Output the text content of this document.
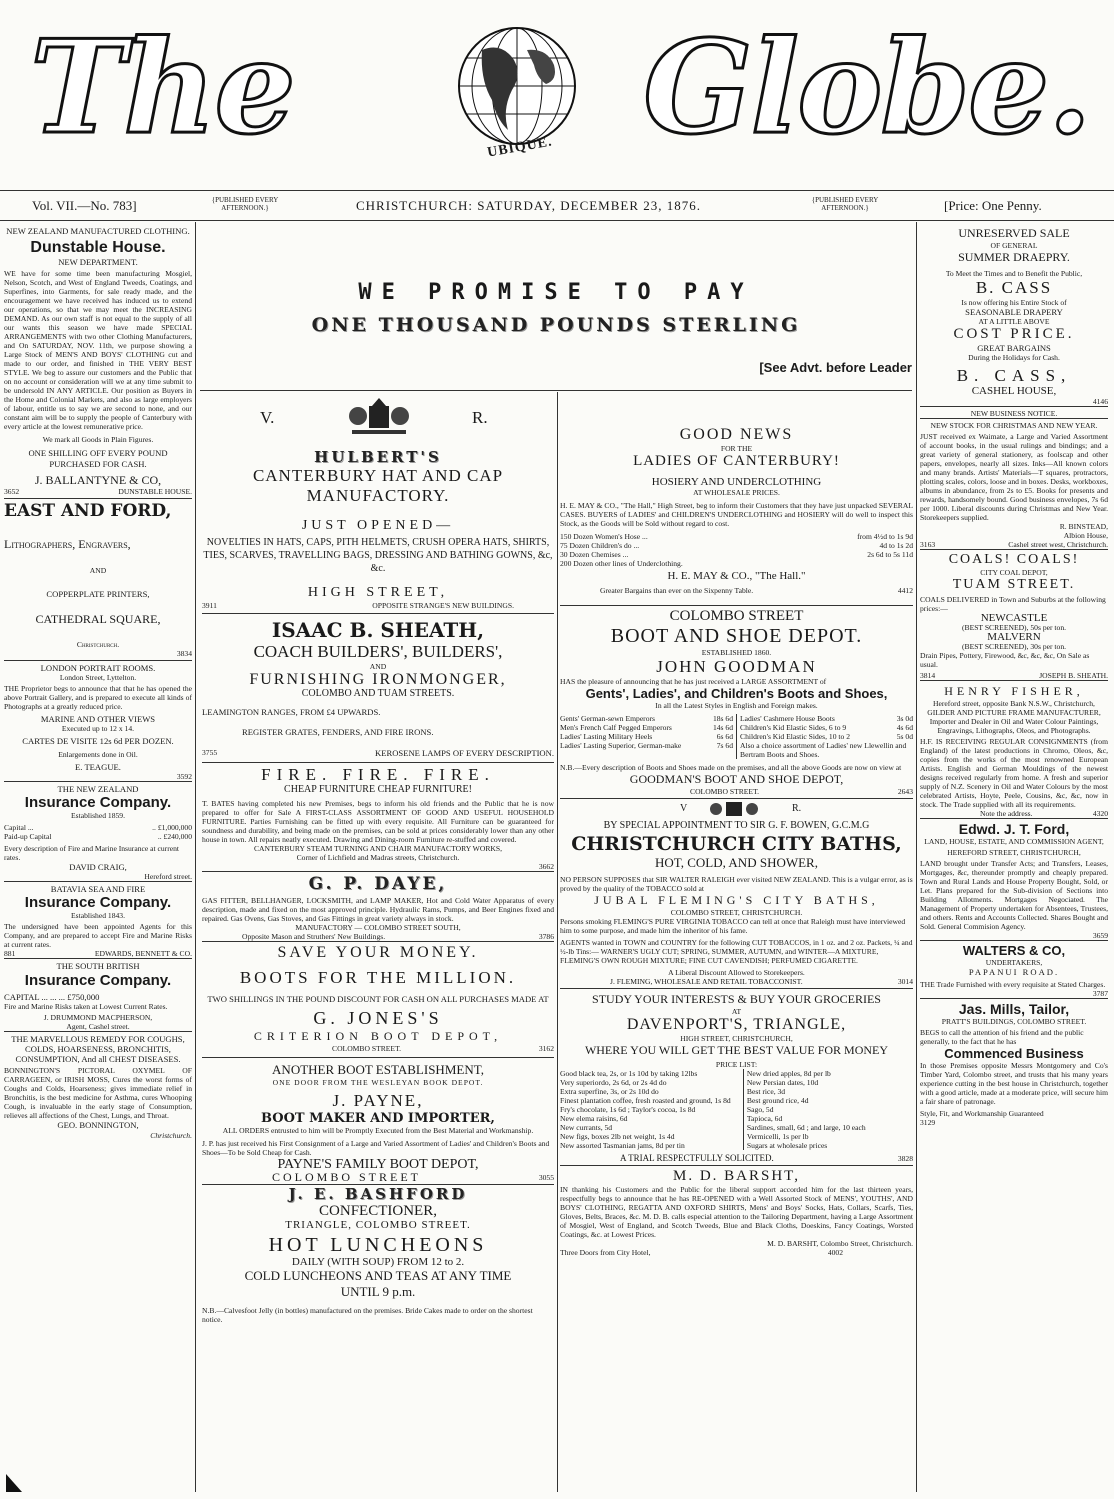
The	Globe.
UBIQUE.
Vol. VII.—No. 783]	{PUBLISHED EVERY AFTERNOON.}	CHRISTCHURCH: SATURDAY, DECEMBER 23, 1876.	{PUBLISHED EVERY AFTERNOON.}	[Price: One Penny.
NEW ZEALAND MANUFACTURED CLOTHING.
Dunstable House.
NEW DEPARTMENT.

WE have for some time been manufacturing Mosgiel, Nelson, Scotch, and West of England Tweeds, Coatings, and Superfines, into Garments, for sale ready made, and the encouragement we have received has induced us to extend our operations, so that we may meet the INCREASING DEMAND. As our own staff is not equal to the supply of all our wants this season we have made SPECIAL ARRANGEMENTS with two other Clothing Manufacturers, and On SATURDAY, NOV. 11th, we purpose showing a Large Stock of MEN'S AND BOYS' CLOTHING cut and made to our order, and finished in THE VERY BEST STYLE. We beg to assure our customers and the Public that on no account or consideration will we at any time submit to be undersold IN ANY ARTICLE. Our position as Buyers in the Home and Colonial Markets, and also as large employers of labour, entitle us to say we are second to none, and our constant aim will be to supply the people of Canterbury with every article at the lowest remunerative price.

We mark all Goods in Plain Figures.
ONE SHILLING OFF EVERY POUND PURCHASED FOR CASH.
J. BALLANTYNE & CO,
3652	DUNSTABLE HOUSE.
EAST AND FORD,
Lithographers, Engravers,
AND
COPPERPLATE PRINTERS,
CATHEDRAL SQUARE,
Christchurch.
3834
LONDON PORTRAIT ROOMS.
London Street, Lyttelton.

THE Proprietor begs to announce that that he has opened the above Portrait Gallery, and is prepared to execute all kinds of Photographs at a greatly reduced price.

MARINE AND OTHER VIEWS
Executed up to 12 x 14.
CARTES DE VISITE 12s 6d PER DOZEN.
Enlargements done in Oil.
E. TEAGUE.
3592
THE NEW ZEALAND
Insurance Company.
Established 1859.
Capital ...	.. £1,000,000
Paid-up Capital	.. £240,000

Every description of Fire and Marine Insurance at current rates.

DAVID CRAIG,
Hereford street.
BATAVIA SEA AND FIRE
Insurance Company.
Established 1843.

The undersigned have been appointed Agents for this Company, and are prepared to accept Fire and Marine Risks at current rates.

881	EDWARDS, BENNETT & CO.
THE SOUTH BRITISH
Insurance Company.
CAPITAL ... ... ... £750,000

Fire and Marine Risks taken at Lowest Current Rates.

J. DRUMMOND MACPHERSON,
Agent, Cashel street.
THE MARVELLOUS REMEDY FOR COUGHS, COLDS, HOARSENESS, BRONCHITIS, CONSUMPTION, And all CHEST DISEASES.

BONNINGTON'S PICTORAL OXYMEL OF CARRAGEEN, or IRISH MOSS, Cures the worst forms of Coughs and Colds, Hoarseness; gives immediate relief in Bronchitis, is the best medicine for Asthma, cures Whooping Cough, is invaluable in the early stage of Consumption, relieves all affections of the Chest, Lungs, and Throat.

GEO. BONNINGTON,
Christchurch.
WE PROMISE TO PAY
ONE THOUSAND POUNDS STERLING
[See Advt. before Leader
V.	R.
HULBERT'S
CANTERBURY HAT AND CAP
MANUFACTORY.
JUST OPENED—

NOVELTIES IN HATS, CAPS, PITH HELMETS, CRUSH OPERA HATS, SHIRTS, TIES, SCARVES, TRAVELLING BAGS, DRESSING AND BATHING GOWNS, &c, &c.

HIGH STREET,
3911	OPPOSITE STRANGE'S NEW BUILDINGS.
ISAAC B. SHEATH,
COACH BUILDERS', BUILDERS',
AND
FURNISHING IRONMONGER,
COLOMBO AND TUAM STREETS.
LEAMINGTON RANGES, FROM £4 UPWARDS.
REGISTER GRATES, FENDERS, AND FIRE IRONS.
3755	KEROSENE LAMPS OF EVERY DESCRIPTION.
FIRE. FIRE. FIRE.
CHEAP FURNITURE CHEAP FURNITURE!

T. BATES having completed his new Premises, begs to inform his old friends and the Public that he is now prepared to offer for Sale A FIRST-CLASS ASSORTMENT OF GOOD AND USEFUL HOUSEHOLD FURNITURE. Parties Furnishing can be fitted up with every requisite. All Furniture can be guaranteed for soundness and durability, and being made on the premises, can be sold at prices considerably lower than any other house in town. All repairs neatly executed. Drawing and Dining-room Furniture re-stuffed and covered.

CANTERBURY STEAM TURNING AND CHAIR MANUFACTORY WORKS,
Corner of Lichfield and Madras streets, Christchurch.
3662
G. P. DAYE,

GAS FITTER, BELLHANGER, LOCKSMITH, and LAMP MAKER, Hot and Cold Water Apparatus of every description, made and fixed on the most approved principle. Hydraulic Rams, Pumps, and Beer Engines fixed and repaired. Gas Ovens, Gas Stoves, and Gas Fittings in great variety always in stock.

MANUFACTORY — COLOMBO STREET SOUTH,
Opposite Mason and Struthers' New Buildings.	3786
SAVE YOUR MONEY.
BOOTS FOR THE MILLION.

TWO SHILLINGS IN THE POUND DISCOUNT FOR CASH ON ALL PURCHASES MADE AT

G. JONES'S
CRITERION BOOT DEPOT,
COLOMBO STREET.	3162
ANOTHER BOOT ESTABLISHMENT,
ONE DOOR FROM THE WESLEYAN BOOK DEPOT.
J. PAYNE,
BOOT MAKER AND IMPORTER,

ALL ORDERS entrusted to him will be Promptly Executed from the Best Material and Workmanship.

J. P. has just received his First Consignment of a Large and Varied Assortment of Ladies' and Children's Boots and Shoes—To be Sold Cheap for Cash.

PAYNE'S FAMILY BOOT DEPOT,
COLOMBO STREET	3055
J. E. BASHFORD
CONFECTIONER,
TRIANGLE, COLOMBO STREET.
HOT LUNCHEONS
DAILY (WITH SOUP) FROM 12 to 2.
COLD LUNCHEONS AND TEAS AT ANY TIME
UNTIL 9 p.m.

N.B.—Calvesfoot Jelly (in bottles) manufactured on the premises. Bride Cakes made to order on the shortest notice.

GOOD NEWS
FOR THE
LADIES OF CANTERBURY!
HOSIERY AND UNDERCLOTHING
AT WHOLESALE PRICES.

H. E. MAY & CO., "The Hall," High Street, beg to inform their Customers that they have just unpacked SEVERAL CASES. BUYERS of LADIES' and CHILDREN'S UNDERCLOTHING and HOSIERY will do well to inspect this Stock, as the Goods will be Sold without regard to cost.

150 Dozen Women's Hose ...	from 4½d to 1s 9d
75 Dozen Children's do ...	4d to 1s 2d
30 Dozen Chemises ...	2s 6d to 5s 11d
200 Dozen other lines of Underclothing.
H. E. MAY & CO., "The Hall."
Greater Bargains than ever on the Sixpenny Table.	4412
COLOMBO STREET
BOOT AND SHOE DEPOT.
ESTABLISHED 1860.
JOHN GOODMAN

HAS the pleasure of announcing that he has just received a LARGE ASSORTMENT of

Gents', Ladies', and Children's Boots and Shoes,
In all the Latest Styles in English and Foreign makes.
Gents' German-sewn Emperors	18s 6d
Men's French Calf Pegged Emperors	14s 6d
Ladies' Lasting Military Heels	6s 6d
Ladies' Lasting Superior, German-make	7s 6d
Ladies' Cashmere House Boots	3s 0d
Children's Kid Elastic Sides, 6 to 9	4s 6d
Children's Kid Elastic Sides, 10 to 2	5s 0d
Also a choice assortment of Ladies' new Llewellin and Bertram Boots and Shoes.

N.B.—Every description of Boots and Shoes made on the premises, and all the above Goods are now on view at

GOODMAN'S BOOT AND SHOE DEPOT,
COLOMBO STREET.	2643
V	R.
BY SPECIAL APPOINTMENT TO SIR G. F. BOWEN, G.C.M.G
CHRISTCHURCH CITY BATHS,
HOT, COLD, AND SHOWER,

NO PERSON SUPPOSES that SIR WALTER RALEIGH ever visited NEW ZEALAND. This is a vulgar error, as is proved by the quality of the TOBACCO sold at

JUBAL FLEMING'S CITY BATHS,
COLOMBO STREET, CHRISTCHURCH.

Persons smoking FLEMING'S PURE VIRGINIA TOBACCO can tell at once that Raleigh must have interviewed him to some purpose, and made him the inheritor of his fame.

AGENTS wanted in TOWN and COUNTRY for the following CUT TOBACCOS, in 1 oz. and 2 oz. Packets, ¼ and ½-lb Tins:— WARNER'S UGLY CUT; SPRING, SUMMER, AUTUMN, and WINTER—A MIXTURE, FLEMING'S OWN ROUGH MIXTURE; FINE CUT CAVENDISH; PERFUMED CIGARETTE.

A Liberal Discount Allowed to Storekeepers.
J. FLEMING, WHOLESALE AND RETAIL TOBACCONIST.	3014
STUDY YOUR INTERESTS & BUY YOUR GROCERIES
AT
DAVENPORT'S, TRIANGLE,
HIGH STREET, CHRISTCHURCH,
WHERE YOU WILL GET THE BEST VALUE FOR MONEY
PRICE LIST:
Good black tea, 2s, or 1s 10d by taking 12lbs
Very superiordo, 2s 6d, or 2s 4d do
Extra superfine, 3s, or 2s 10d do
Finest plantation coffee, fresh roasted and ground, 1s 8d
Fry's chocolate, 1s 6d ; Taylor's cocoa, 1s 8d
New elema raisins, 6d
New currants, 5d
New figs, boxes 2lb net weight, 1s 4d
New assorted Tasmanian jams, 8d per tin
New dried apples, 8d per lb
New Persian dates, 10d
Best rice, 3d
Best ground rice, 4d
Sago, 5d
Tapioca, 6d
Sardines, small, 6d ; and large, 10 each
Vermicelli, 1s per lb
Sugars at wholesale prices
A TRIAL RESPECTFULLY SOLICITED.	3828
M. D. BARSHT,

IN thanking his Customers and the Public for the liberal support accorded him for the last thirteen years, respectfully begs to announce that he has RE-OPENED with a Well Assorted Stock of MENS', YOUTHS', AND BOYS' CLOTHING, REGATTA AND OXFORD SHIRTS, Mens' and Boys' Socks, Hats, Collars, Scarfs, Ties, Gloves, Belts, Braces, &c. M. D. B. calls especial attention to the Tailoring Department, having a Large Assortment of Mosgiel, West of England, and Scotch Tweeds, Blue and Black Cloths, Doeskins, Fancy Coatings, Worsted Coatings, &c. at Lowest Prices.

M. D. BARSHT, Colombo Street, Christchurch.
Three Doors from City Hotel,	4002
UNRESERVED SALE
OF GENERAL
SUMMER DRAEPRY.
To Meet the Times and to Benefit the Public,
B. CASS
Is now offering his Entire Stock of
SEASONABLE DRAPERY
AT A LITTLE ABOVE
COST PRICE.
GREAT BARGAINS
During the Holidays for Cash.
B. CASS,
CASHEL HOUSE,
4146
NEW BUSINESS NOTICE.
NEW STOCK FOR CHRISTMAS AND NEW YEAR.

JUST received ex Waimate, a Large and Varied Assortment of account books, in the usual rulings and bindings; and a great variety of general stationery, as foolscap and other papers, envelopes, nearly all sizes. Inks—All known colors and many brands. Artists' Materials—T squares, protractors, plotting scales, colors, loose and in boxes. Desks, workboxes, albums in abundance, from 2s to £5. Books for presents and rewards, handsomely bound. Good business envelopes, 7s 6d per 1000. Liberal discounts during Christmas and New Year. Storekeepers supplied.

R. BINSTEAD,
Albion House,
3163	Cashel street west, Christchurch.
COALS! COALS!
CITY COAL DEPOT,
TUAM STREET.

COALS DELIVERED in Town and Suburbs at the following prices:—

NEWCASTLE
(BEST SCREENED), 50s per ton.
MALVERN
(BEST SCREENED), 30s per ton.

Drain Pipes, Pottery, Firewood, &c, &c, &c, On Sale as usual.

3814	JOSEPH B. SHEATH.
HENRY FISHER,
Hereford street, opposite Bank N.S.W., Christchurch,
GILDER AND PICTURE FRAME MANUFACTURER,

Importer and Dealer in Oil and Water Colour Paintings, Engravings, Lithographs, Oleos, and Photographs.

H.F. IS RECEIVING REGULAR CONSIGNMENTS (from England) of the latest productions in Chromo, Oleos, &c, copies from the works of the most renowned European Artists. English and German Mouldings of the newest designs received regularly from home. A fresh and superior supply of N.Z. Scenery in Oil and Water Colours by the most celebrated Artists, Hoyte, Peele, Cousins, &c, &c, now in stock. The Trade supplied with all its requirements.

Note the address.	4320
Edwd. J. T. Ford,
LAND, HOUSE, ESTATE, AND COMMISSION AGENT,
HEREFORD STREET, CHRISTCHURCH,

LAND brought under Transfer Acts; and Transfers, Leases, Mortgages, &c, thereunder promptly and cheaply prepared. Town and Rural Lands and House Property Bought, Sold, or Let. Plans prepared for the Sub-division of Sections into Building Allotments. Mortgages Negociated. The Management of Property undertaken for Absentees, Trustees, and others. Rents and Accounts Collected. Shares Bought and Sold. General Commision Agency.

3659
WALTERS & CO,
UNDERTAKERS,
PAPANUI ROAD.

THE Trade Furnished with every requisite at Stated Charges.

3787
Jas. Mills, Tailor,
PRATT'S BUILDINGS, COLOMBO STREET.

BEGS to call the attention of his friend and the public generally, to the fact that he has

Commenced Business

In those Premises opposite Messrs Montgomery and Co's Timber Yard, Colombo street, and trusts that his many years experience cutting in the best house in Christchurch, together with a good article, made at a moderate price, will secure him a fair share of patronage.

Style, Fit, and Workmanship Guaranteed
3129
